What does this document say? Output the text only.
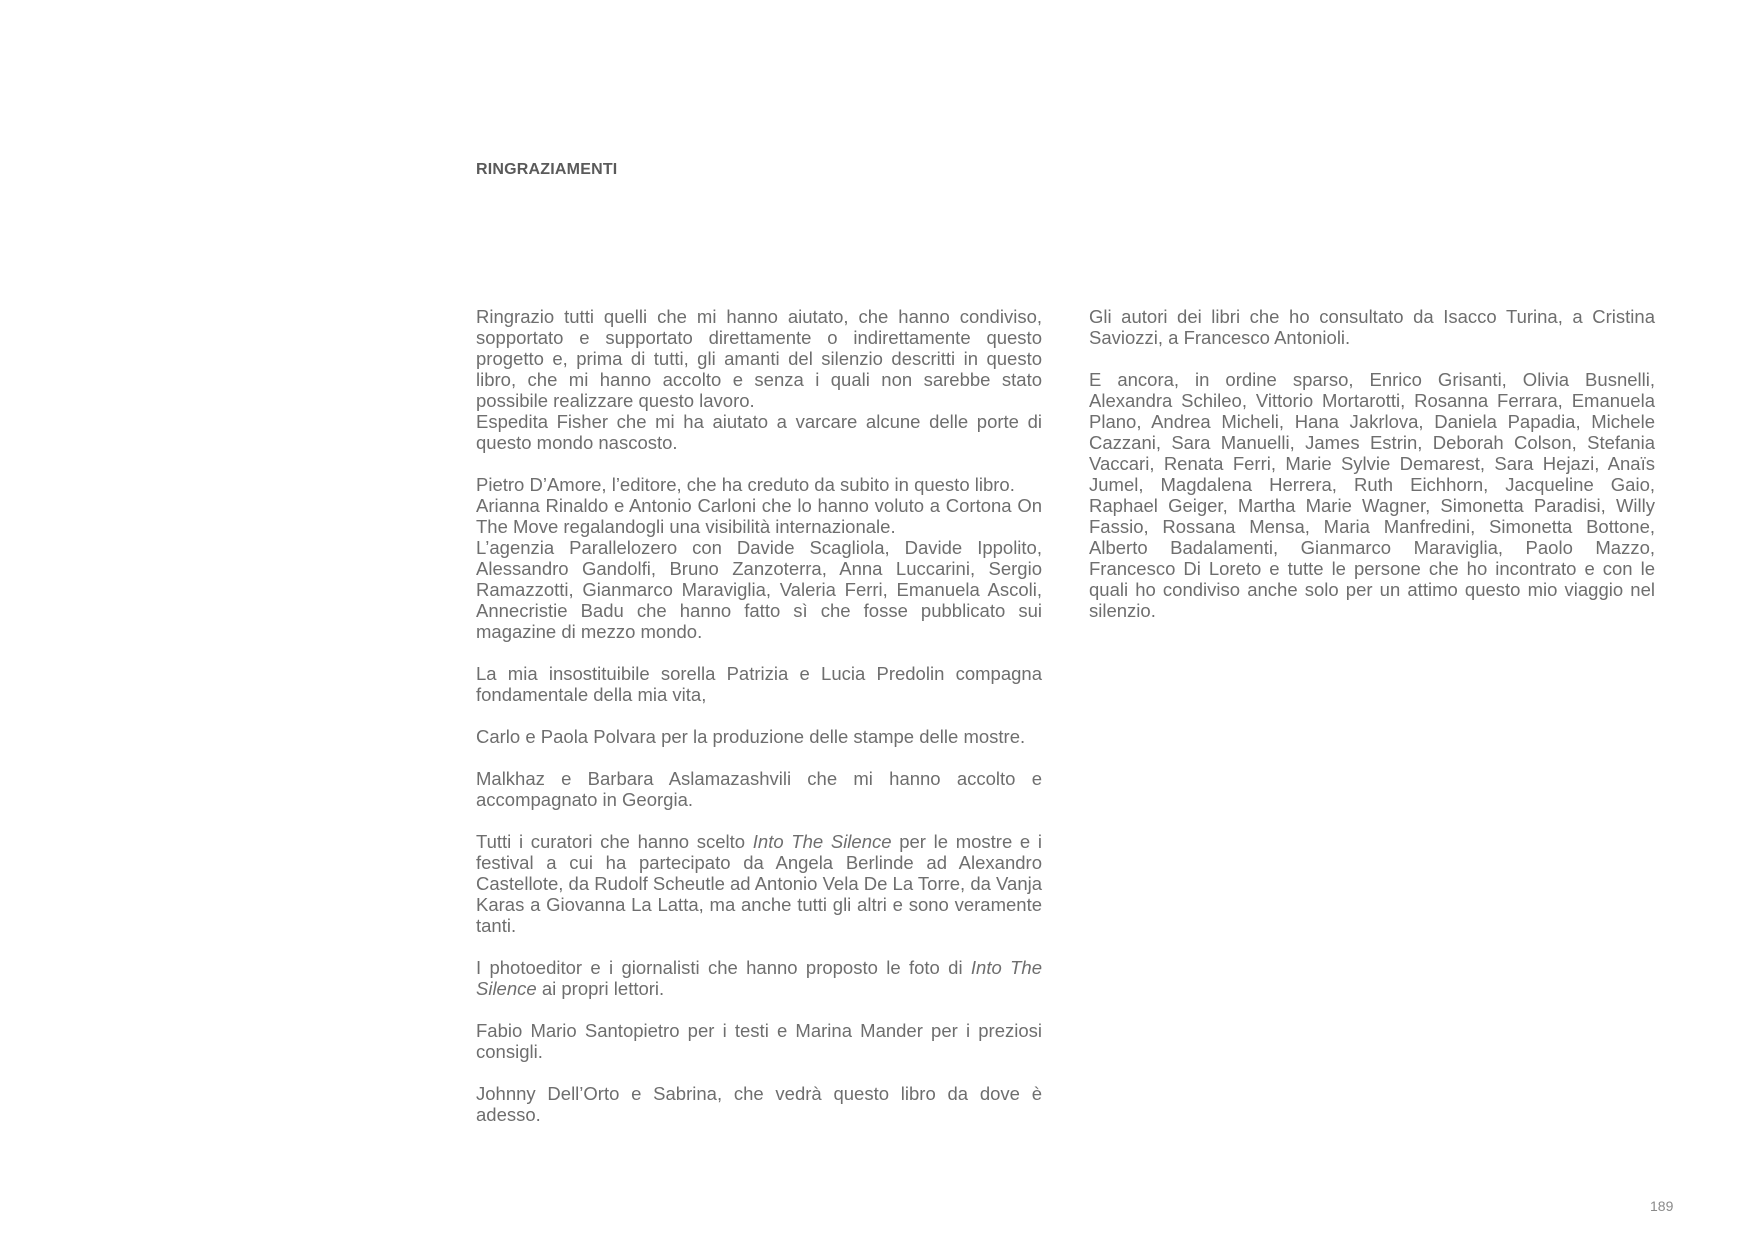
RINGRAZIAMENTI

Ringrazio tutti quelli che mi hanno aiutato, che hanno condiviso, sopportato e supportato direttamente o indirettamente questo progetto e, prima di tutti, gli amanti del silenzio descritti in questo libro, che mi hanno accolto e senza i quali non sarebbe stato possibile realizzare questo lavoro.

Espedita Fisher che mi ha aiutato a varcare alcune delle porte di questo mondo nascosto.

Pietro D’Amore, l’editore, che ha creduto da subito in questo libro.

Arianna Rinaldo e Antonio Carloni che lo hanno voluto a Cortona On The Move regalandogli una visibilità internazionale.

L’agenzia Parallelozero con Davide Scagliola, Davide Ippolito, Alessandro Gandolfi, Bruno Zanzoterra, Anna Luccarini, Sergio Ramazzotti, Gianmarco Maraviglia, Valeria Ferri, Emanuela Ascoli, Annecristie Badu che hanno fatto sì che fosse pubblicato sui magazine di mezzo mondo.

La mia insostituibile sorella Patrizia e Lucia Predolin compagna fondamentale della mia vita,

Carlo e Paola Polvara per la produzione delle stampe delle mostre.

Malkhaz e Barbara Aslamazashvili che mi hanno accolto e accompagnato in Georgia.

Tutti i curatori che hanno scelto Into The Silence per le mostre e i festival a cui ha partecipato da Angela Berlinde ad Alexandro Castellote, da Rudolf Scheutle ad Antonio Vela De La Torre, da Vanja Karas a Giovanna La Latta, ma anche tutti gli altri e sono veramente tanti.

I photoeditor e i giornalisti che hanno proposto le foto di Into The Silence ai propri lettori.

Fabio Mario Santopietro per i testi e Marina Mander per i preziosi consigli.

Johnny Dell’Orto e Sabrina, che vedrà questo libro da dove è adesso.

Gli autori dei libri che ho consultato da Isacco Turina, a Cristina Saviozzi, a Francesco Antonioli.

E ancora, in ordine sparso, Enrico Grisanti, Olivia Busnelli, Alexandra Schileo, Vittorio Mortarotti, Rosanna Ferrara, Emanuela Plano, Andrea Micheli, Hana Jakrlova, Daniela Papadia, Michele Cazzani, Sara Manuelli, James Estrin, Deborah Colson, Stefania Vaccari, Renata Ferri, Marie Sylvie Demarest, Sara Hejazi, Anaïs Jumel, Magdalena Herrera, Ruth Eichhorn, Jacqueline Gaio, Raphael Geiger, Martha Marie Wagner, Simonetta Paradisi, Willy Fassio, Rossana Mensa, Maria Manfredini, Simonetta Bottone, Alberto Badalamenti, Gianmarco Maraviglia, Paolo Mazzo, Francesco Di Loreto e tutte le persone che ho incontrato e con le quali ho condiviso anche solo per un attimo questo mio viaggio nel silenzio.

189
